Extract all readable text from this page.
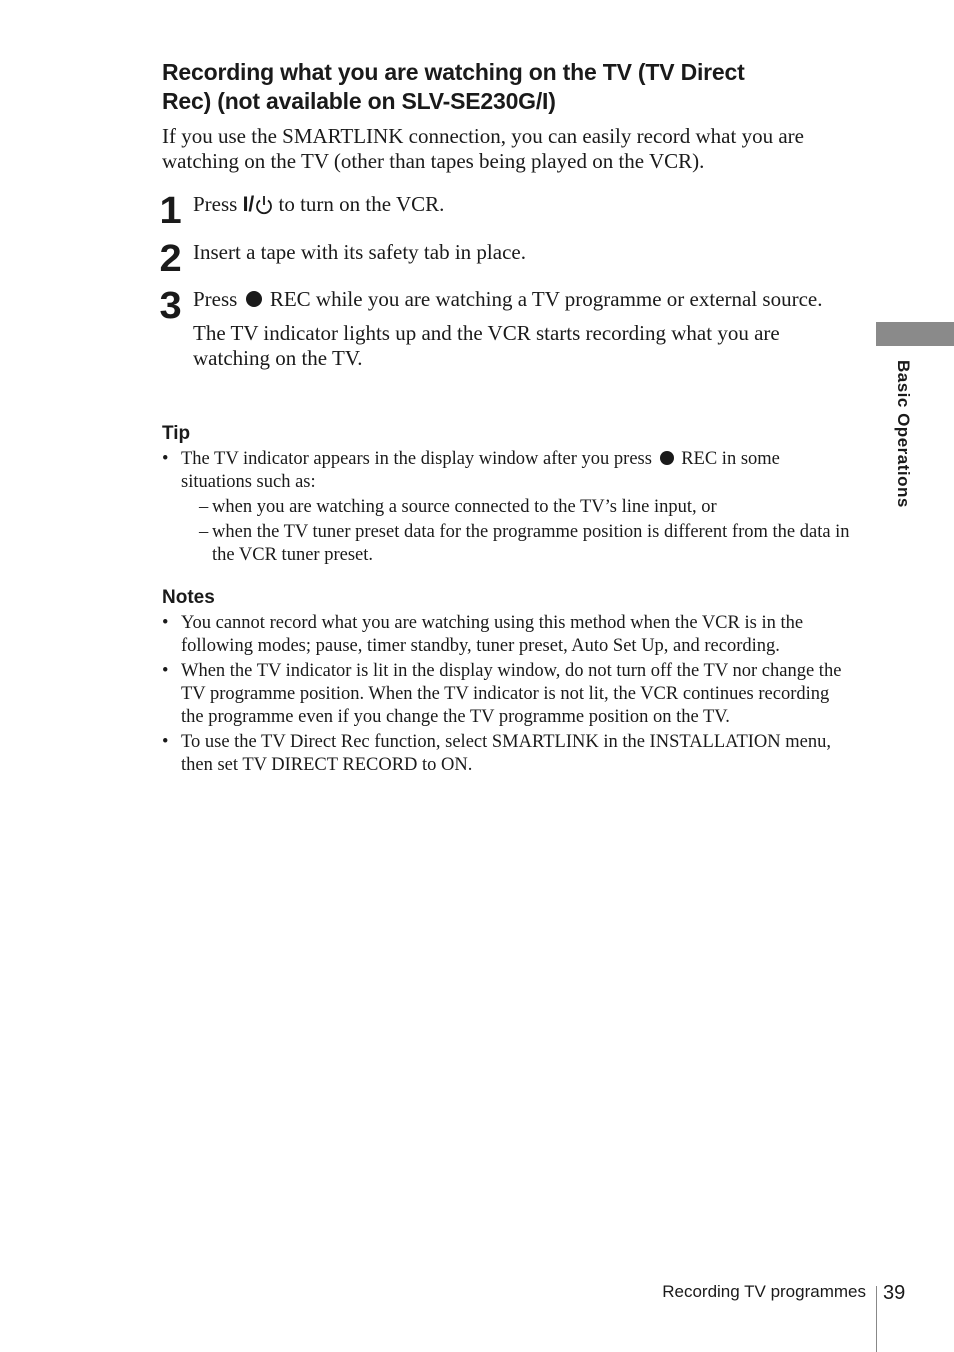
Recording what you are watching on the TV (TV Direct
Rec) (not available on SLV-SE230G/I)

If you use the SMARTLINK connection, you can easily record what you are watching on the TV (other than tapes being played on the VCR).

1 Press I/ to turn on the VCR.

2 Insert a tape with its safety tab in place.

3 Press REC while you are watching a TV programme or external source.

The TV indicator lights up and the VCR starts recording what you are watching on the TV.

Tip
• The TV indicator appears in the display window after you press REC in some situations such as:
– when you are watching a source connected to the TV’s line input, or
– when the TV tuner preset data for the programme position is different from the data in the VCR tuner preset.
Notes
• You cannot record what you are watching using this method when the VCR is in the following modes; pause, timer standby, tuner preset, Auto Set Up, and recording.
• When the TV indicator is lit in the display window, do not turn off the TV nor change the TV programme position. When the TV indicator is not lit, the VCR continues recording the programme even if you change the TV programme position on the TV.
• To use the TV Direct Rec function, select SMARTLINK in the INSTALLATION menu, then set TV DIRECT RECORD to ON.
Basic Operations
Recording TV programmes 39
